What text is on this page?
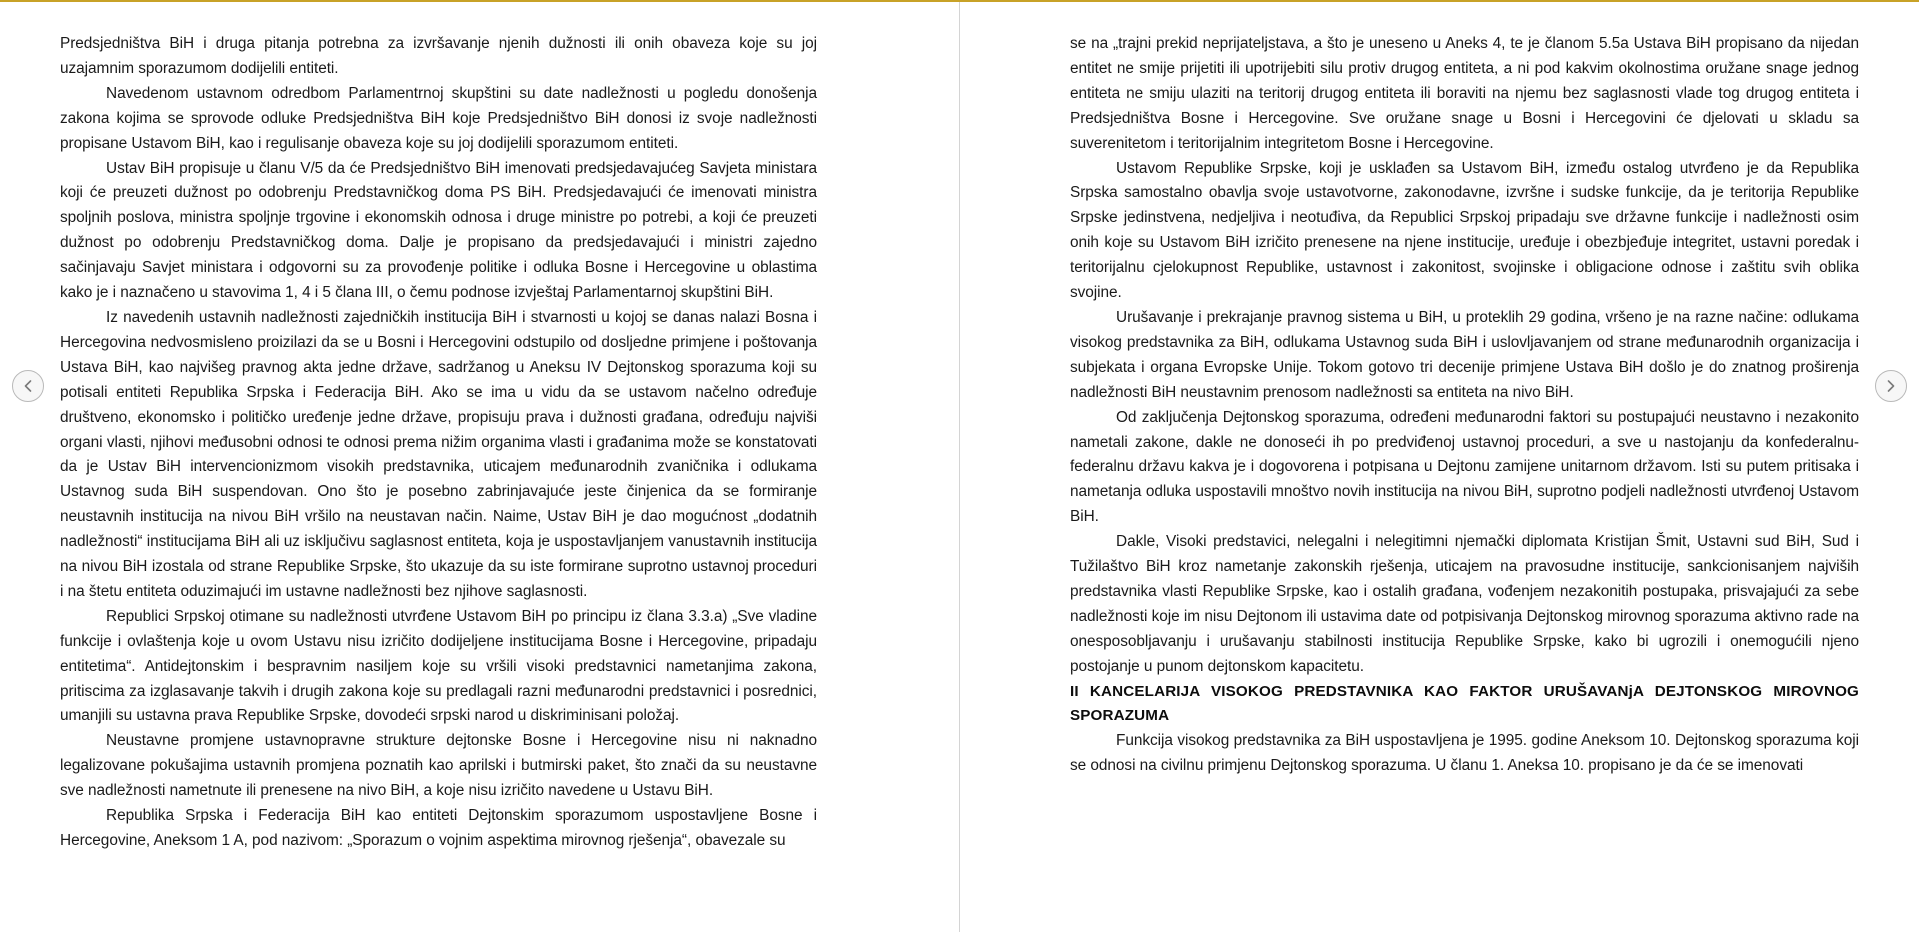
Predsjedništva BiH i druga pitanja potrebna za izvršavanje njenih dužnosti ili onih obaveza koje su joj uzajamnim sporazumom dodijelili entiteti.

Navedenom ustavnom odredbom Parlamentrnoj skupštini su date nadležnosti u pogledu donošenja zakona kojima se sprovode odluke Predsjedništva BiH koje Predsjedništvo BiH donosi iz svoje nadležnosti propisane Ustavom BiH, kao i regulisanje obaveza koje su joj dodijelili sporazumom entiteti.

Ustav BiH propisuje u članu V/5 da će Predsjedništvo BiH imenovati predsjedavajućeg Savjeta ministara koji će preuzeti dužnost po odobrenju Predstavničkog doma PS BiH. Predsjedavajući će imenovati ministra spoljnih poslova, ministra spoljnje trgovine i ekonomskih odnosa i druge ministre po potrebi, a koji će preuzeti dužnost po odobrenju Predstavničkog doma. Dalje je propisano da predsjedavajući i ministri zajedno sačinjavaju Savjet ministara i odgovorni su za provođenje politike i odluka Bosne i Hercegovine u oblastima kako je i naznačeno u stavovima 1, 4 i 5 člana III, o čemu podnose izvještaj Parlamentarnoj skupštini BiH.

Iz navedenih ustavnih nadležnosti zajedničkih institucija BiH i stvarnosti u kojoj se danas nalazi Bosna i Hercegovina nedvosmisleno proizilazi da se u Bosni i Hercegovini odstupilo od dosljedne primjene i poštovanja Ustava BiH, kao najvišeg pravnog akta jedne države, sadržanog u Aneksu IV Dejtonskog sporazuma koji su potisali entiteti Republika Srpska i Federacija BiH. Ako se ima u vidu da se ustavom načelno određuje društveno, ekonomsko i političko uređenje jedne države, propisuju prava i dužnosti građana, određuju najviši organi vlasti, njihovi međusobni odnosi te odnosi prema nižim organima vlasti i građanima može se konstatovati da je Ustav BiH intervencionizmom visokih predstavnika, uticajem međunarodnih zvaničnika i odlukama Ustavnog suda BiH suspendovan. Ono što je posebno zabrinjavajuće jeste činjenica da se formiranje neustavnih institucija na nivou BiH vršilo na neustavan način. Naime, Ustav BiH je dao mogućnost „dodatnih nadležnosti“ institucijama BiH ali uz isključivu saglasnost entiteta, koja je uspostavljanjem vanustavnih institucija na nivou BiH izostala od strane Republike Srpske, što ukazuje da su iste formirane suprotno ustavnoj proceduri i na štetu entiteta oduzimajući im ustavne nadležnosti bez njihove saglasnosti.

Republici Srpskoj otimane su nadležnosti utvrđene Ustavom BiH po principu iz člana 3.3.a) „Sve vladine funkcije i ovlaštenja koje u ovom Ustavu nisu izričito dodijeljene institucijama Bosne i Hercegovine, pripadaju entitetima“. Antidejtonskim i bespravnim nasiljem koje su vršili visoki predstavnici nametanjima zakona, pritiscima za izglasavanje takvih i drugih zakona koje su predlagali razni međunarodni predstavnici i posrednici, umanjili su ustavna prava Republike Srpske, dovodeći srpski narod u diskriminisani položaj.

Neustavne promjene ustavnopravne strukture dejtonske Bosne i Hercegovine nisu ni naknadno legalizovane pokušajima ustavnih promjena poznatih kao aprilski i butmirski paket, što znači da su neustavne sve nadležnosti nametnute ili prenesene na nivo BiH, a koje nisu izričito navedene u Ustavu BiH.

Republika Srpska i Federacija BiH kao entiteti Dejtonskim sporazumom uspostavljene Bosne i Hercegovine, Aneksom 1 A, pod nazivom: „Sporazum o vojnim aspektima mirovnog rješenja“, obavezale su

se na „trajni prekid neprijateljstava, a što je uneseno u Aneks 4, te je članom 5.5a Ustava BiH propisano da nijedan entitet ne smije prijetiti ili upotrijebiti silu protiv drugog entiteta, a ni pod kakvim okolnostima oružane snage jednog entiteta ne smiju ulaziti na teritorij drugog entiteta ili boraviti na njemu bez saglasnosti vlade tog drugog entiteta i Predsjedništva Bosne i Hercegovine. Sve oružane snage u Bosni i Hercegovini će djelovati u skladu sa suverenitetom i teritorijalnim integritetom Bosne i Hercegovine.

Ustavom Republike Srpske, koji je usklađen sa Ustavom BiH, između ostalog utvrđeno je da Republika Srpska samostalno obavlja svoje ustavotvorne, zakonodavne, izvršne i sudske funkcije, da je teritorija Republike Srpske jedinstvena, nedjeljiva i neotuđiva, da Republici Srpskoj pripadaju sve državne funkcije i nadležnosti osim onih koje su Ustavom BiH izričito prenesene na njene institucije, uređuje i obezbjeđuje integritet, ustavni poredak i teritorijalnu cjelokupnost Republike, ustavnost i zakonitost, svojinske i obligacione odnose i zaštitu svih oblika svojine.

Urušavanje i prekrajanje pravnog sistema u BiH, u proteklih 29 godina, vršeno je na razne načine: odlukama visokog predstavnika za BiH, odlukama Ustavnog suda BiH i uslovljavanjem od strane međunarodnih organizacija i subjekata i organa Evropske Unije. Tokom gotovo tri decenije primjene Ustava BiH došlo je do znatnog proširenja nadležnosti BiH neustavnim prenosom nadležnosti sa entiteta na nivo BiH.

Od zaključenja Dejtonskog sporazuma, određeni međunarodni faktori su postupajući neustavno i nezakonito nametali zakone, dakle ne donoseći ih po predviđenoj ustavnoj proceduri, a sve u nastojanju da konfederalnu-federalnu državu kakva je i dogovorena i potpisana u Dejtonu zamijene unitarnom državom. Isti su putem pritisaka i nametanja odluka uspostavili mnoštvo novih institucija na nivou BiH, suprotno podjeli nadležnosti utvrđenoj Ustavom BiH.

Dakle, Visoki predstavici, nelegalni i nelegitimni njemački diplomata Kristijan Šmit, Ustavni sud BiH, Sud i Tužilaštvo BiH kroz nametanje zakonskih rješenja, uticajem na pravosudne institucije, sankcionisanjem najviših predstavnika vlasti Republike Srpske, kao i ostalih građana, vođenjem nezakonitih postupaka, prisvajajući za sebe nadležnosti koje im nisu Dejtonom ili ustavima date od potpisivanja Dejtonskog mirovnog sporazuma aktivno rade na onesposobljavanju i urušavanju stabilnosti institucija Republike Srpske, kako bi ugrozili i onemogućili njeno postojanje u punom dejtonskom kapacitetu.

II KANCELARIJA VISOKOG PREDSTAVNIKA KAO FAKTOR URUŠAVANjA DEJTONSKOG MIROVNOG SPORAZUMA

Funkcija visokog predstavnika za BiH uspostavljena je 1995. godine Aneksom 10. Dejtonskog sporazuma koji se odnosi na civilnu primjenu Dejtonskog sporazuma. U članu 1. Aneksa 10. propisano je da će se imenovati
